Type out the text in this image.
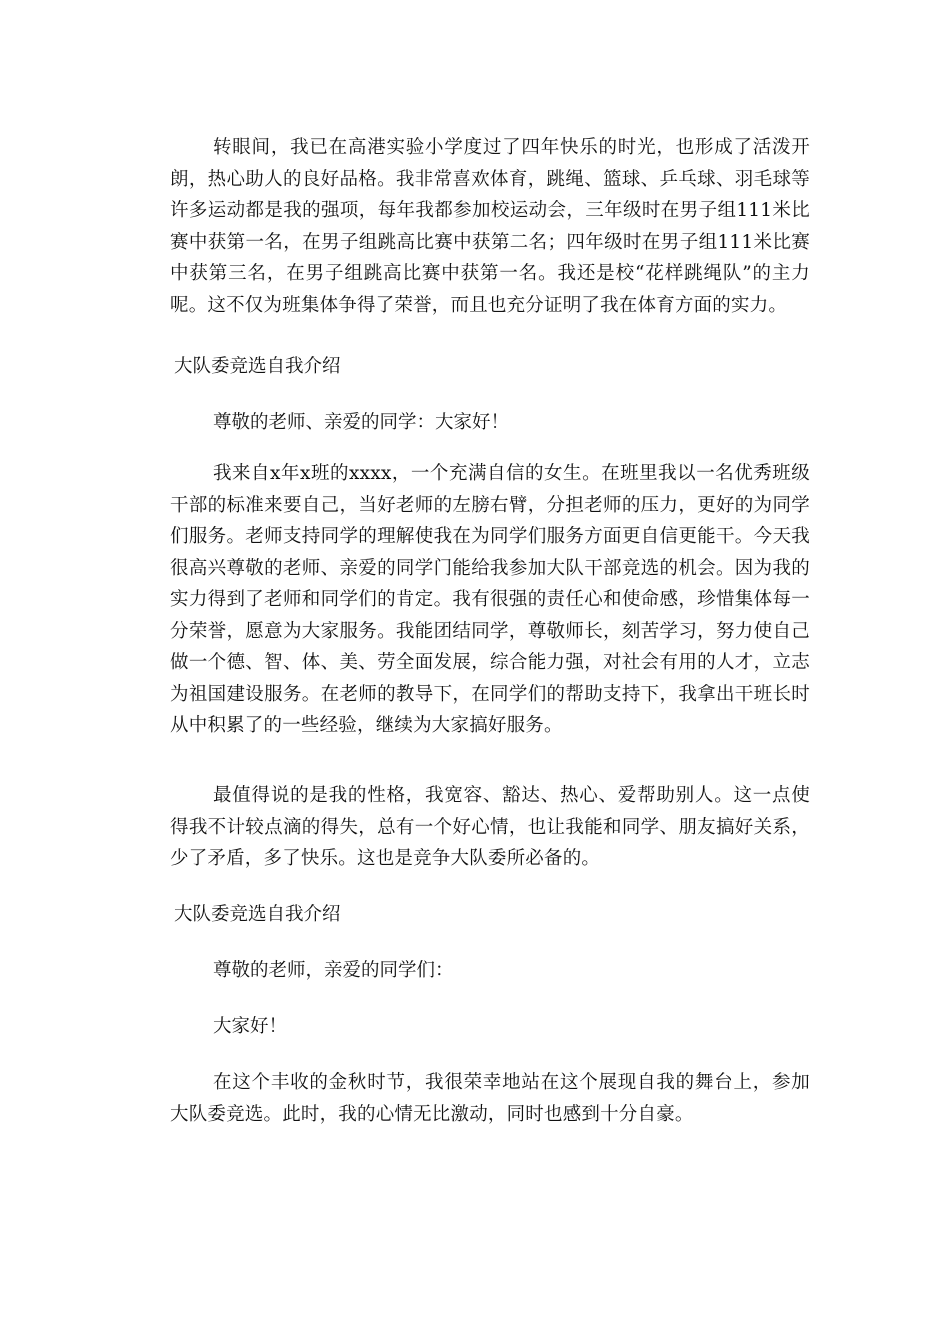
转眼间，我已在高港实验小学度过了四年快乐的时光，也形成了活泼开朗，热心助人的良好品格。我非常喜欢体育，跳绳、篮球、乒乓球、羽毛球等许多运动都是我的强项，每年我都参加校运动会，三年级时在男子组111米比赛中获第一名，在男子组跳高比赛中获第二名；四年级时在男子组111米比赛中获第三名，在男子组跳高比赛中获第一名。我还是校“花样跳绳队”的主力呢。这不仅为班集体争得了荣誉，而且也充分证明了我在体育方面的实力。

大队委竞选自我介绍

尊敬的老师、亲爱的同学：大家好！

我来自x年x班的xxxx，一个充满自信的女生。在班里我以一名优秀班级干部的标准来要自己，当好老师的左膀右臂，分担老师的压力，更好的为同学们服务。老师支持同学的理解使我在为同学们服务方面更自信更能干。今天我很高兴尊敬的老师、亲爱的同学门能给我参加大队干部竞选的机会。因为我的实力得到了老师和同学们的肯定。我有很强的责任心和使命感，珍惜集体每一分荣誉，愿意为大家服务。我能团结同学，尊敬师长，刻苦学习，努力使自己做一个德、智、体、美、劳全面发展，综合能力强，对社会有用的人才，立志为祖国建设服务。在老师的教导下，在同学们的帮助支持下，我拿出干班长时从中积累了的一些经验，继续为大家搞好服务。

最值得说的是我的性格，我宽容、豁达、热心、爱帮助别人。这一点使得我不计较点滴的得失，总有一个好心情，也让我能和同学、朋友搞好关系，少了矛盾，多了快乐。这也是竞争大队委所必备的。

大队委竞选自我介绍

尊敬的老师，亲爱的同学们：

大家好！

在这个丰收的金秋时节，我很荣幸地站在这个展现自我的舞台上，参加大队委竞选。此时，我的心情无比激动，同时也感到十分自豪。
